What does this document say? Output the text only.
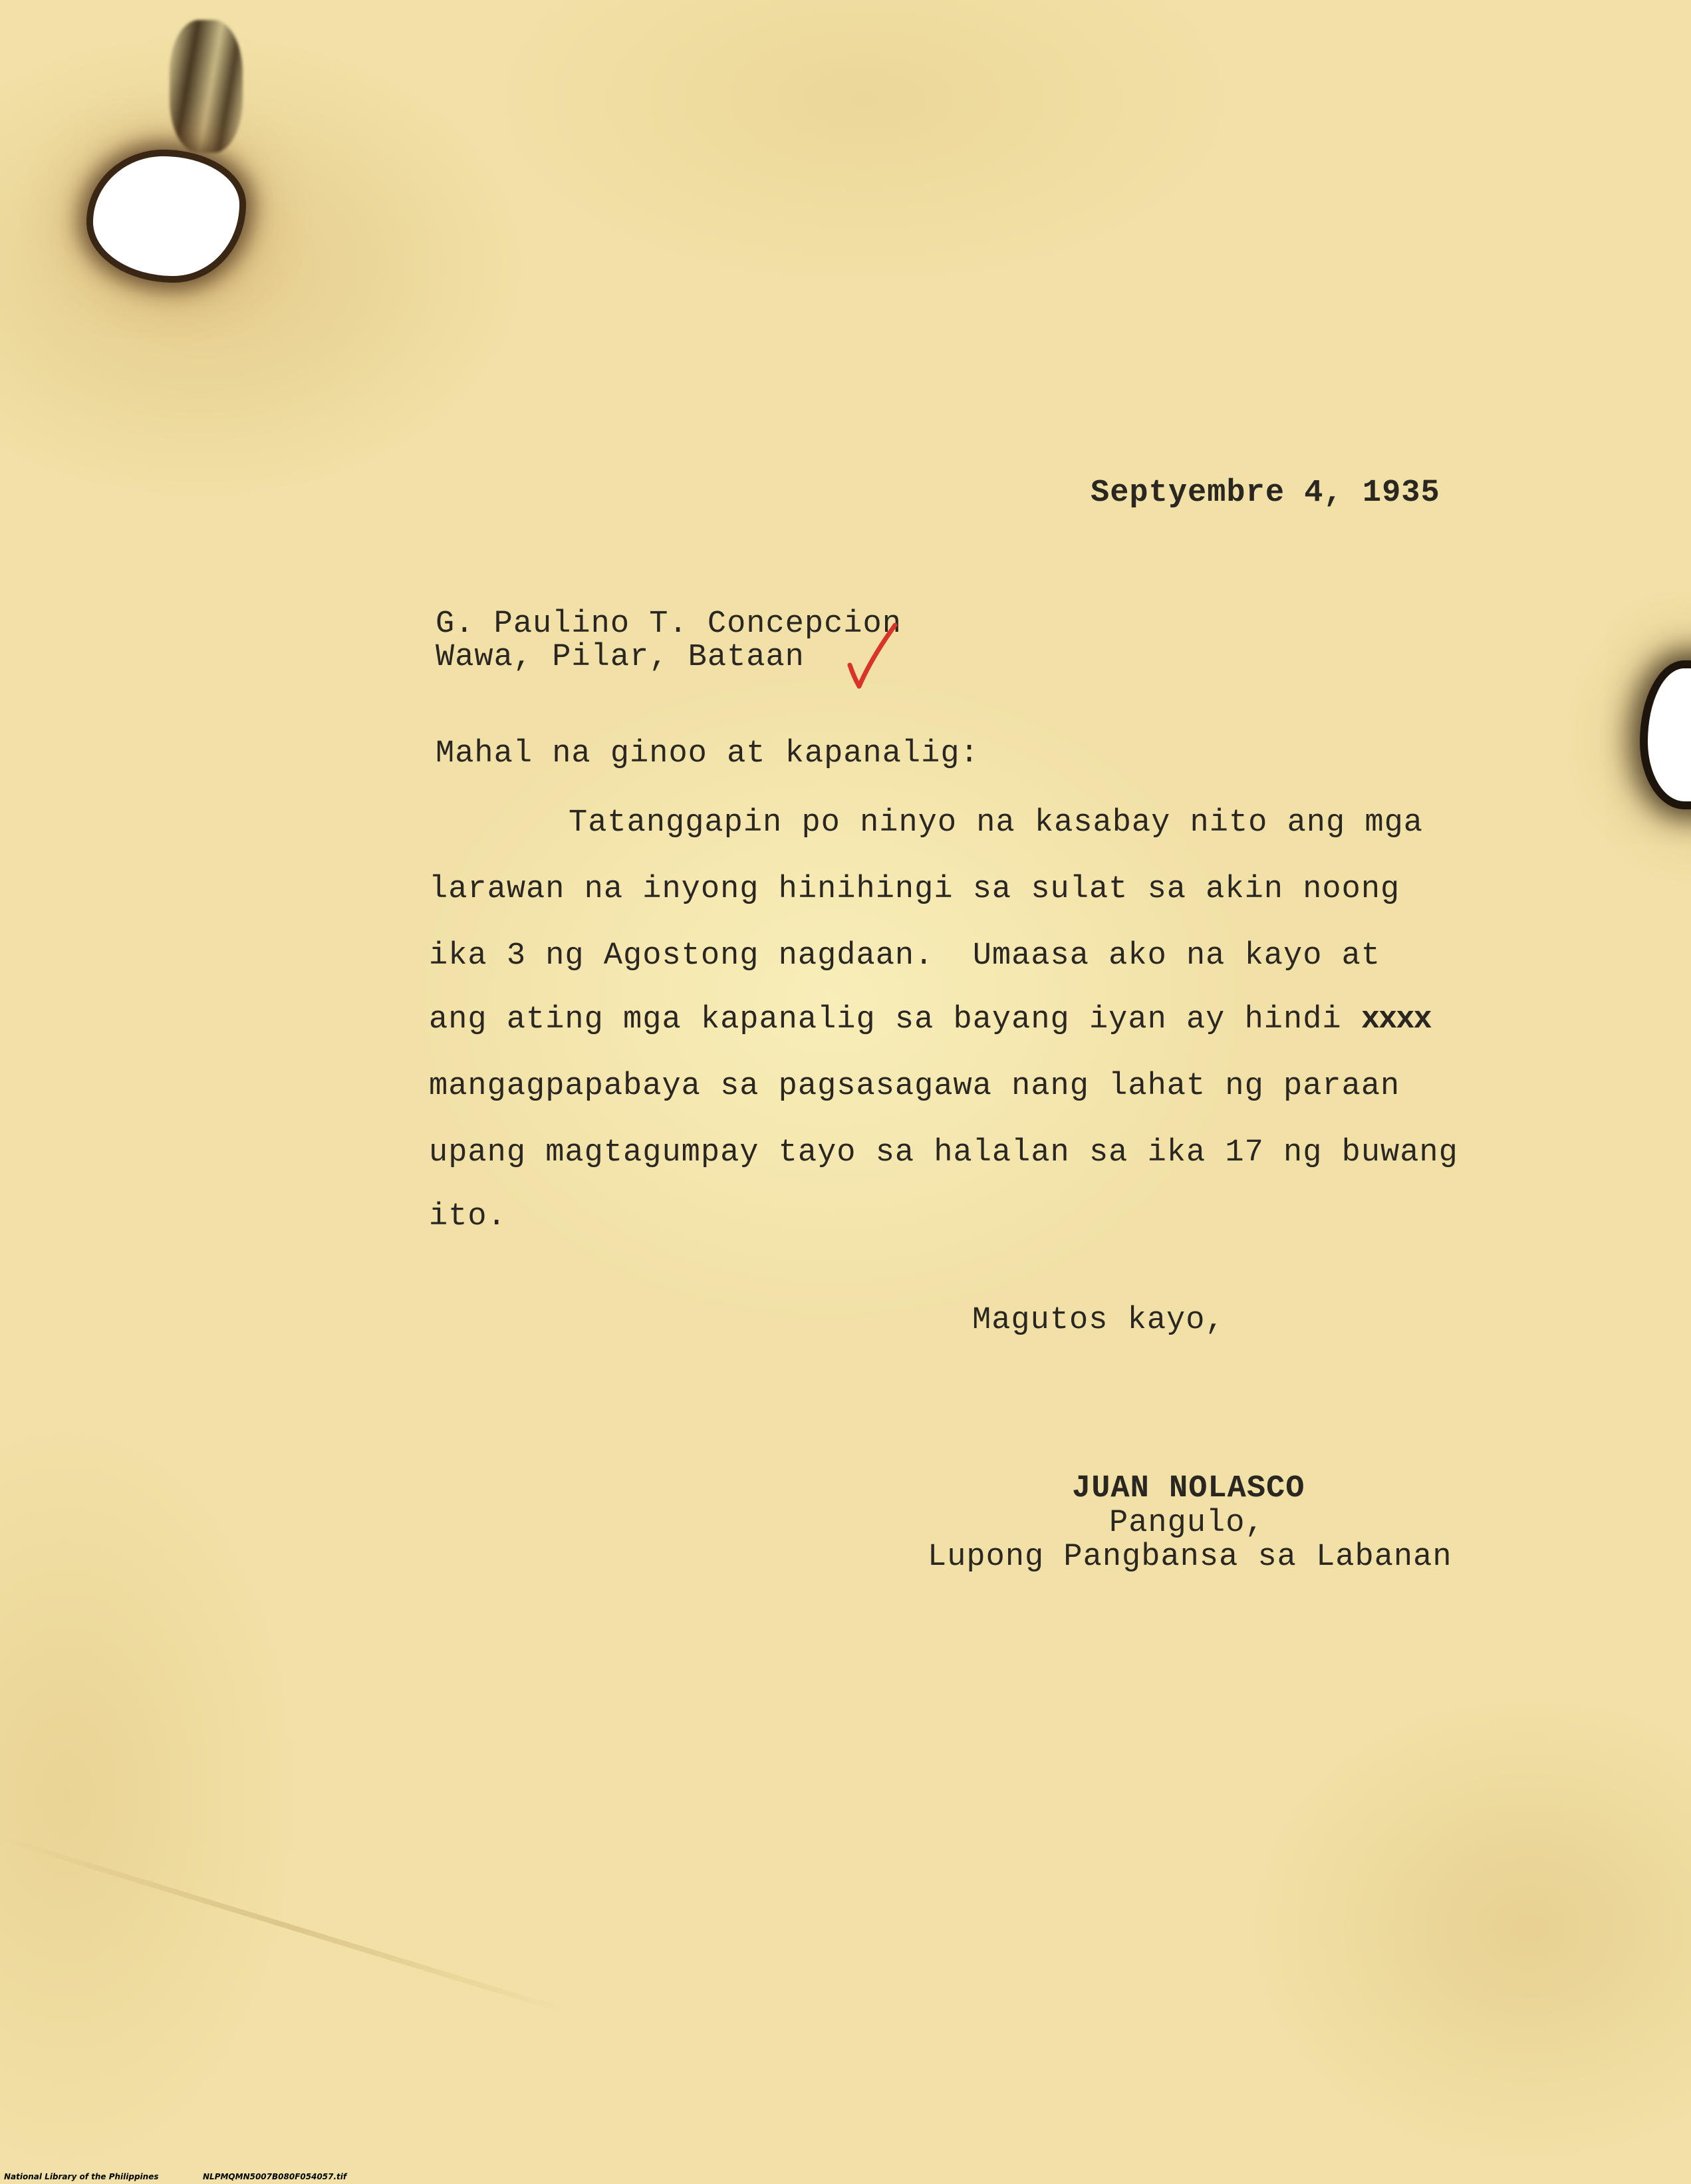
Septyembre 4, 1935

G. Paulino T. Concepcion

Wawa, Pilar, Bataan

Mahal na ginoo at kapanalig:

Tatanggapin po ninyo na kasabay nito ang mga

larawan na inyong hinihingi sa sulat sa akin noong

ika 3 ng Agostong nagdaan.  Umaasa ako na kayo at

ang ating mga kapanalig sa bayang iyan ay hindi xxxx

mangagpapabaya sa pagsasagawa nang lahat ng paraan

upang magtagumpay tayo sa halalan sa ika 17 ng buwang

ito.

Magutos kayo,

JUAN NOLASCO

Pangulo,

Lupong Pangbansa sa Labanan

National Library of the Philippines	NLPMQMN5007B080F054057.tif
